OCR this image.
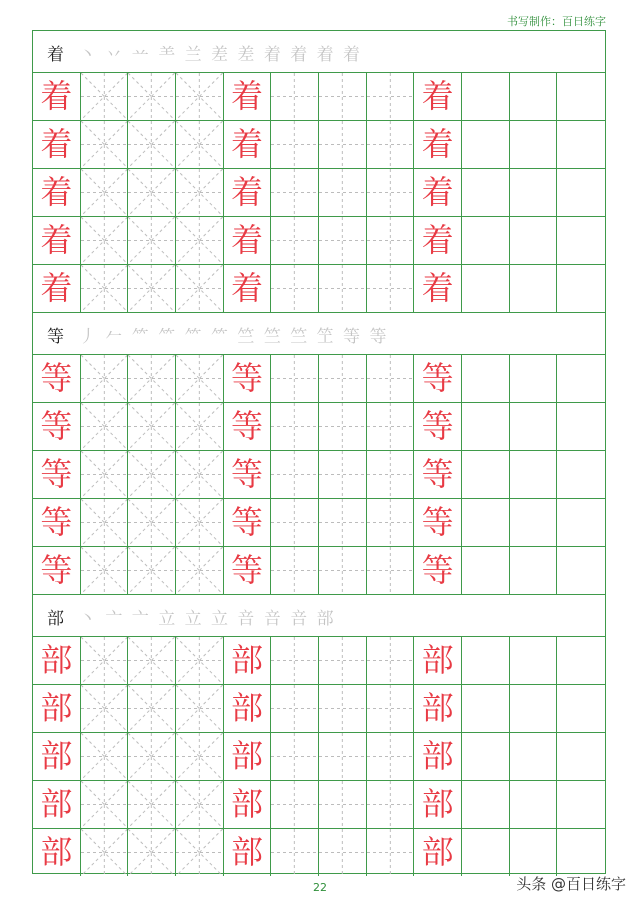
书写制作：百日练字
着 丶 丷 䒑 ⺷ 兰 差 差 着 着 着 着
着	着	着
着	着	着
着	着	着
着	着	着
着	着	着
等 丿 𠂉 ⺮ ⺮ ⺮ ⺮ 竺 竺 竺 笁 等 等
等	等	等
等	等	等
等	等	等
等	等	等
等	等	等
部 丶 亠 亠 立 立 立 咅 咅 咅 部
部	部	部
部	部	部
部	部	部
部	部	部
部	部	部
22	头条 @百日练字
